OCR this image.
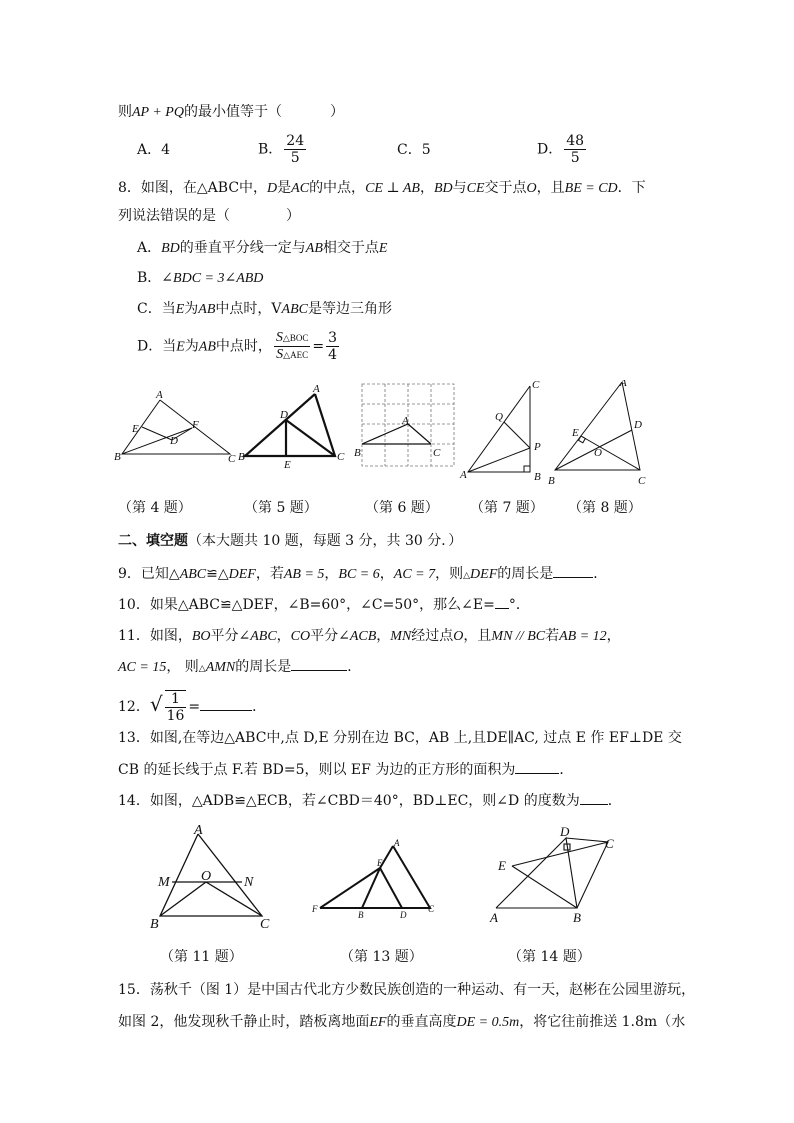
则AP + PQ的最小值等于（	）
A．4	B． $\frac{24}{5}$	C．5	D． $\frac{48}{5}$
8．如图，在△ABC中，D是AC的中点，CE ⊥ AB，BD与CE交于点O，且BE = CD．下
列说法错误的是（	）
A．BD的垂直平分线一定与AB相交于点E
B．∠BDC = 3∠ABD
C．当E为AB中点时，VABC是等边三角形
D．当E为AB中点时， $\frac{\text{S△BOC}}{\text{S△AEC}} = \frac{3}{4}$
A
E	F
D
B	C
A
D
B
E
C
A
B	C
C
Q
P
A	B
A
E
D
O
B	C
（第 4 题）	（第 5 题）	（第 6 题） （第 7 题） （第 8 题）
二、填空题（本大题共 10 题，每题 3 分，共 30 分．）
9．已知△ABC≌△DEF，若AB = 5，BC = 6，AC = 7，则△DEF的周长是	．
10．如果△ABC≌△DEF，∠B=60°，∠C=50°，那么∠E= °．
11．如图，BO平分∠ABC，CO平分∠ACB，MN经过点O，且MN // BC若AB = 12，
AC = 15， 则△AMN的周长是	．
12．√ $\frac{1}{16}$ =	．
13．如图,在等边△ABC中,点 D,E 分别在边 BC，AB 上,且DE∥AC, 过点 E 作 EF⊥DE 交
CB 的延长线于点 F.若 BD=5，则以 EF 为边的正方形的面积为	．
14．如图，△ADB≌△ECB，若∠CBD＝40°，BD⊥EC，则∠D 的度数为 ．
A
M O N
B	C
A
E
F
B	D
C
D
C
E
A	B
（第 11 题）	（第 13 题）	（第 14 题）
15．荡秋千（图 1）是中国古代北方少数民族创造的一种运动、有一天，赵彬在公园里游玩，
如图 2，他发现秋千静止时，踏板离地面EF的垂直高度DE = 0.5m，将它往前推送 1.8m（水
